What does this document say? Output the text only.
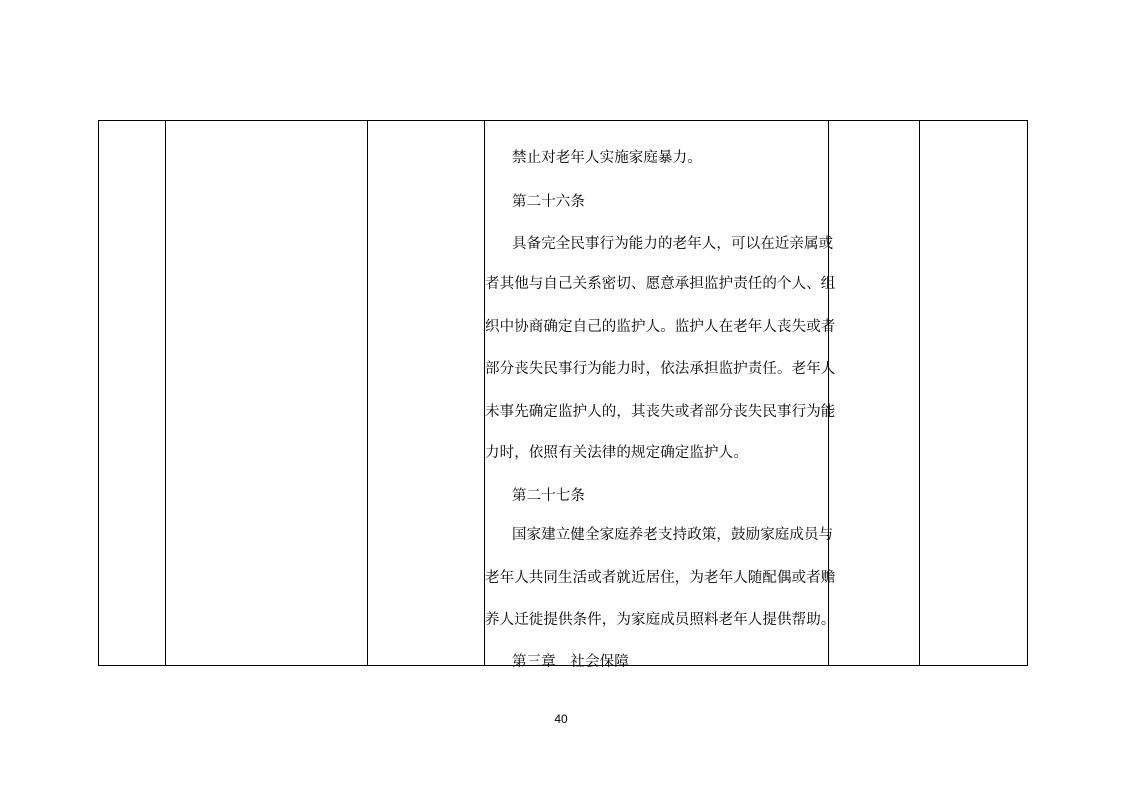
禁止对老年人实施家庭暴力。
第二十六条
具备完全民事行为能力的老年人，可以在近亲属或
者其他与自己关系密切、愿意承担监护责任的个人、组
织中协商确定自己的监护人。监护人在老年人丧失或者
部分丧失民事行为能力时，依法承担监护责任。老年人
未事先确定监护人的，其丧失或者部分丧失民事行为能
力时，依照有关法律的规定确定监护人。
第二十七条
国家建立健全家庭养老支持政策，鼓励家庭成员与
老年人共同生活或者就近居住，为老年人随配偶或者赡
养人迁徙提供条件，为家庭成员照料老年人提供帮助。
第三章　社会保障
40
